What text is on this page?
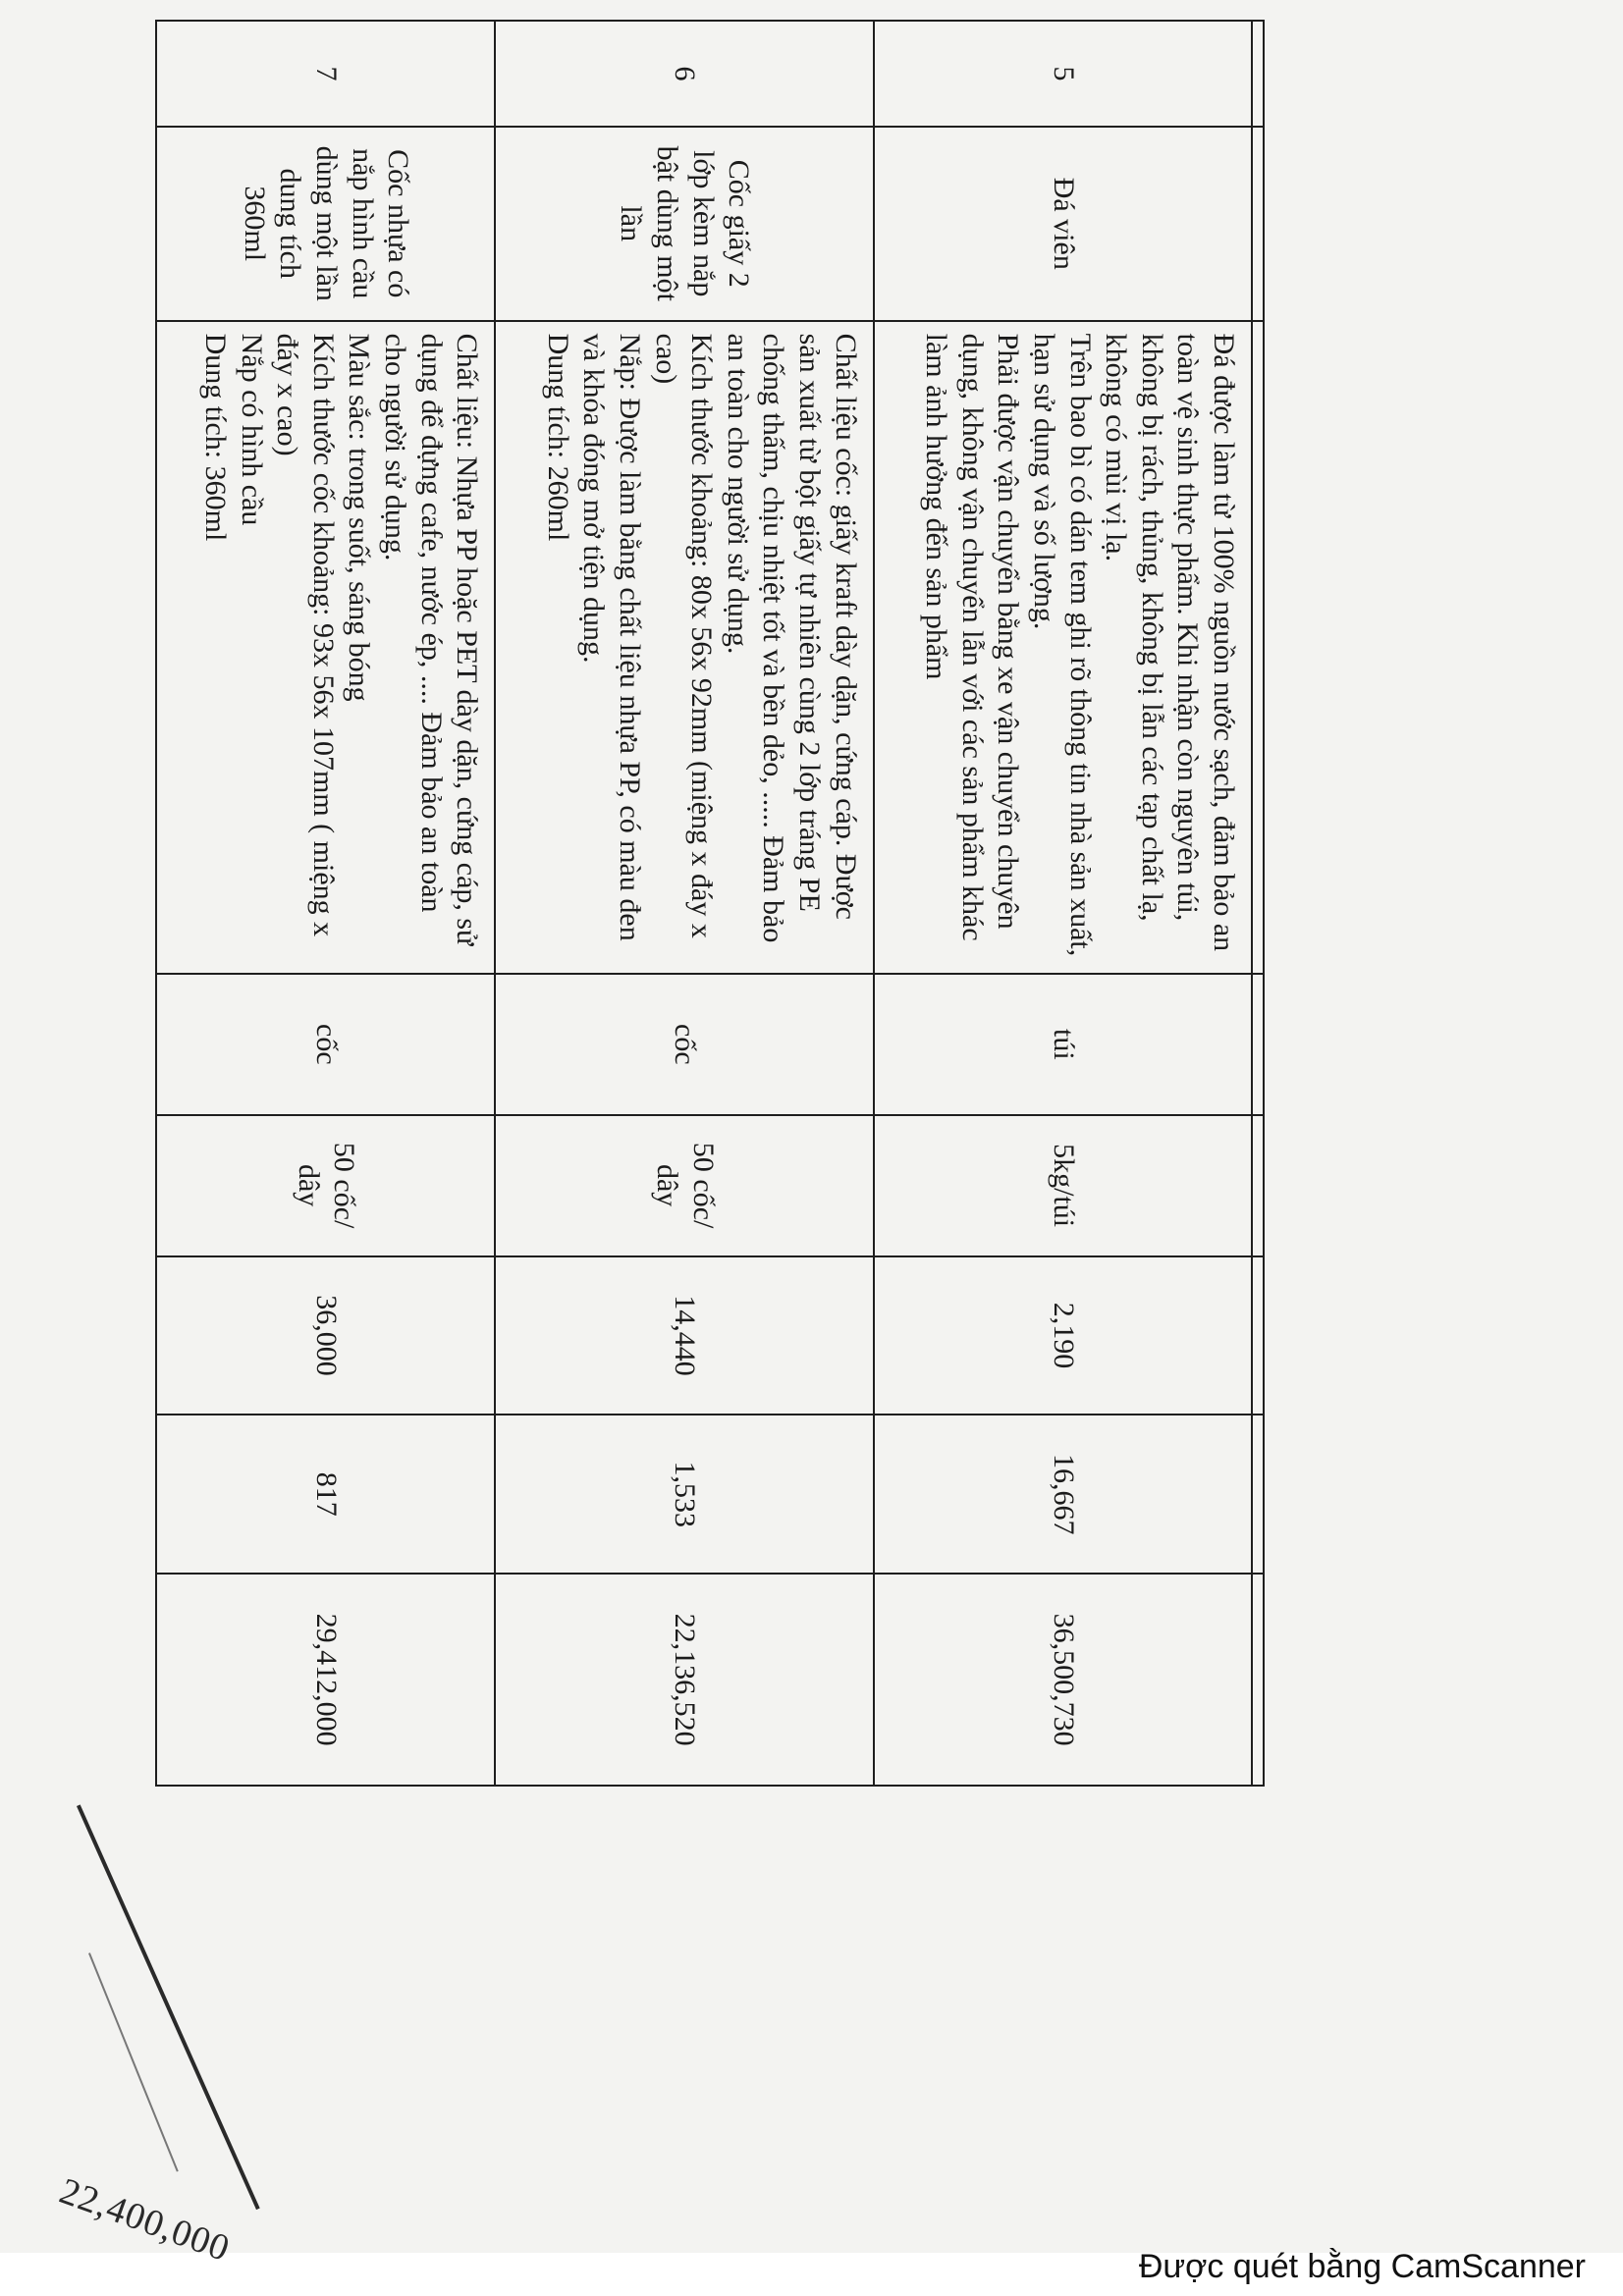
22,400,000

5	Đá viên	Đá được làm từ 100% nguồn nước sạch, đảm bảo an toàn vệ sinh thực phẩm. Khi nhận còn nguyên túi, không bị rách, thủng, không bị lẫn các tạp chất lạ, không có mùi vị lạ.
Trên bao bì có dán tem ghi rõ thông tin nhà sản xuất, hạn sử dụng và số lượng.
Phải được vận chuyển bằng xe vận chuyển chuyên dụng, không vận chuyển lẫn với các sản phẩm khác làm ảnh hưởng đến sản phẩm	túi	5kg/túi	2,190	16,667	36,500,730
6	Cốc giấy 2 lớp kèm nắp bật dùng một lần	Chất liệu cốc: giấy kraft dày dặn, cứng cáp. Được sản xuất từ bột giấy tự nhiên cùng 2 lớp tráng PE chống thấm, chịu nhiệt tốt và bền dẻo, ..... Đảm bảo an toàn cho người sử dụng.
Kích thước khoảng: 80x 56x 92mm (miệng x đáy x cao)
Nắp: Được làm bằng chất liệu nhựa PP, có màu đen và khóa đóng mở tiện dụng.
Dung tích: 260ml	cốc	50 cốc/ dây	14,440	1,533	22,136,520
7	Cốc nhựa có nắp hình cầu dùng một lần dung tích 360ml	Chất liệu: Nhựa PP hoặc PET dày dặn, cứng cáp, sử dụng để đựng cafe, nước ép, .... Đảm bảo an toàn cho người sử dụng.
Màu sắc: trong suốt, sáng bóng
Kích thước cốc khoảng: 93x 56x 107mm ( miệng x đáy x cao)
Nắp có hình cầu
Dung tích: 360ml	cốc	50 cốc/ dây	36,000	817	29,412,000
Được quét bằng CamScanner
